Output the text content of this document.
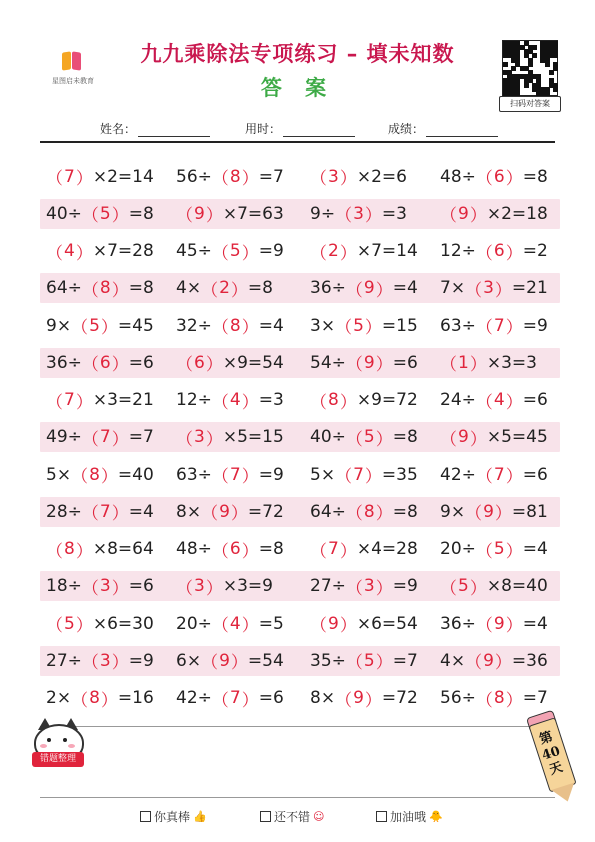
星图启未教育
九九乘除法专项练习 – 填未知数
答 案
扫码对答案
姓名：	用时：	成绩：
（ 7 ） ×2=14 56÷ （ 8 ） =7 （ 3 ） ×2=6 48÷ （ 6 ） =8
40÷ （ 5 ） =8 （ 9 ） ×7=63 9÷ （ 3 ） =3 （ 9 ） ×2=18
（ 4 ） ×7=28 45÷ （ 5 ） =9 （ 2 ） ×7=14 12÷ （ 6 ） =2
64÷ （ 8 ） =8 4× （ 2 ） =8 36÷ （ 9 ） =4 7× （ 3 ） =21
9× （ 5 ） =45 32÷ （ 8 ） =4 3× （ 5 ） =15 63÷ （ 7 ） =9
36÷ （ 6 ） =6 （ 6 ） ×9=54 54÷ （ 9 ） =6 （ 1 ） ×3=3
（ 7 ） ×3=21 12÷ （ 4 ） =3 （ 8 ） ×9=72 24÷ （ 4 ） =6
49÷ （ 7 ） =7 （ 3 ） ×5=15 40÷ （ 5 ） =8 （ 9 ） ×5=45
5× （ 8 ） =40 63÷ （ 7 ） =9 5× （ 7 ） =35 42÷ （ 7 ） =6
28÷ （ 7 ） =4 8× （ 9 ） =72 64÷ （ 8 ） =8 9× （ 9 ） =81
（ 8 ） ×8=64 48÷ （ 6 ） =8 （ 7 ） ×4=28 20÷ （ 5 ） =4
18÷ （ 3 ） =6 （ 3 ） ×3=9 27÷ （ 3 ） =9 （ 5 ） ×8=40
（ 5 ） ×6=30 20÷ （ 4 ） =5 （ 9 ） ×6=54 36÷ （ 9 ） =4
27÷ （ 3 ） =9 6× （ 9 ） =54 35÷ （ 5 ） =7 4× （ 9 ） =36
2× （ 8 ） =16 42÷ （ 7 ） =6 8× （ 9 ） =72 56÷ （ 8 ） =7
错题整理
第40天
你真棒 👍	还不错 ☺	加油哦 🐥
